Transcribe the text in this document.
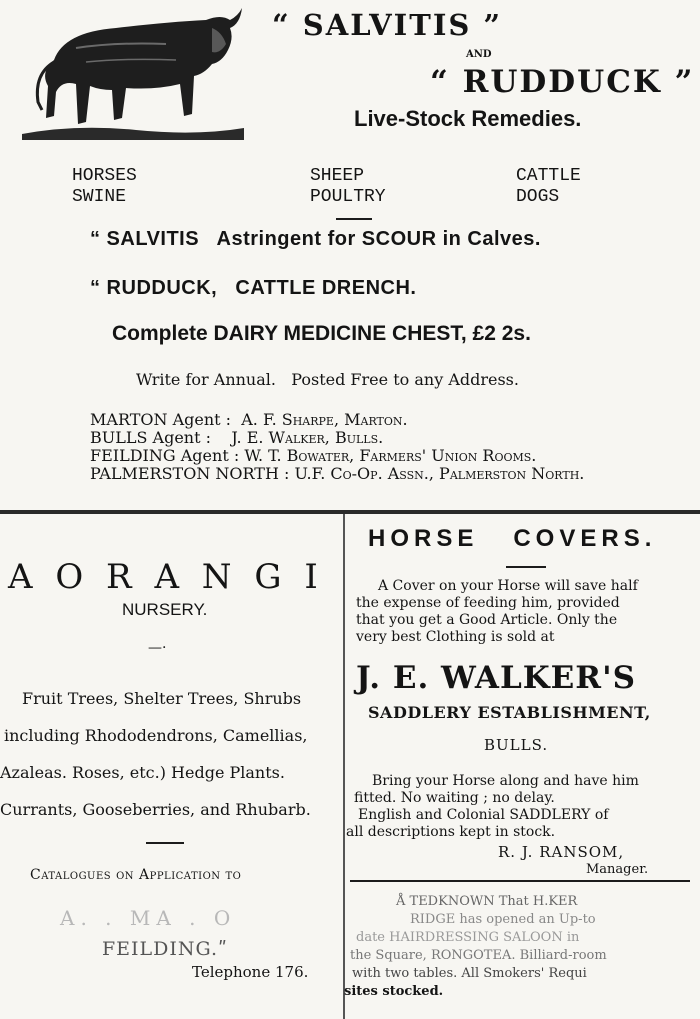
“ SALVITIS ”
AND
“ RUDDUCK ”
Live-Stock Remedies.
HORSES	SHEEP	CATTLE
SWINE	POULTRY	DOGS
“ SALVITIS   Astringent for SCOUR in Calves.
“ RUDDUCK,   CATTLE DRENCH.
Complete DAIRY MEDICINE CHEST, £2 2s.
Write for Annual.   Posted Free to any Address.
MARTON Agent : A. F. Sharpe, Marton.
BULLS Agent : J. E. Walker, Bulls.
FEILDING Agent : W. T. Bowater, Farmers' Union Rooms.
PALMERSTON NORTH : U.F. Co-Op. Assn., Palmerston North.
A O R A N G I
NURSERY.
—·
Fruit Trees, Shelter Trees, Shrubs
including Rhododendrons, Camellias,
Azaleas. Roses, etc.) Hedge Plants.
Currants, Gooseberries, and Rhubarb.
Catalogues on Application to
A. . MA . O
FEILDING.ʺ
Telephone 176.
HORSE   COVERS.
A Cover on your Horse will save half
the expense of feeding him, provided
that you get a Good Article. Only the
very best Clothing is sold at
J. E. WALKER'S
SADDLERY ESTABLISHMENT,
BULLS.
Bring your Horse along and have him
fitted. No waiting ; no delay.
English and Colonial SADDLERY of
all descriptions kept in stock.
R. J. RANSOM,
Manager.
Å TEDKNOWN That H.KER
RIDGE has opened an Up-to
date HAIRDRESSING SALOON in
the Square, RONGOTEA. Billiard-room
with two tables. All Smokers' Requi
sites stocked.
